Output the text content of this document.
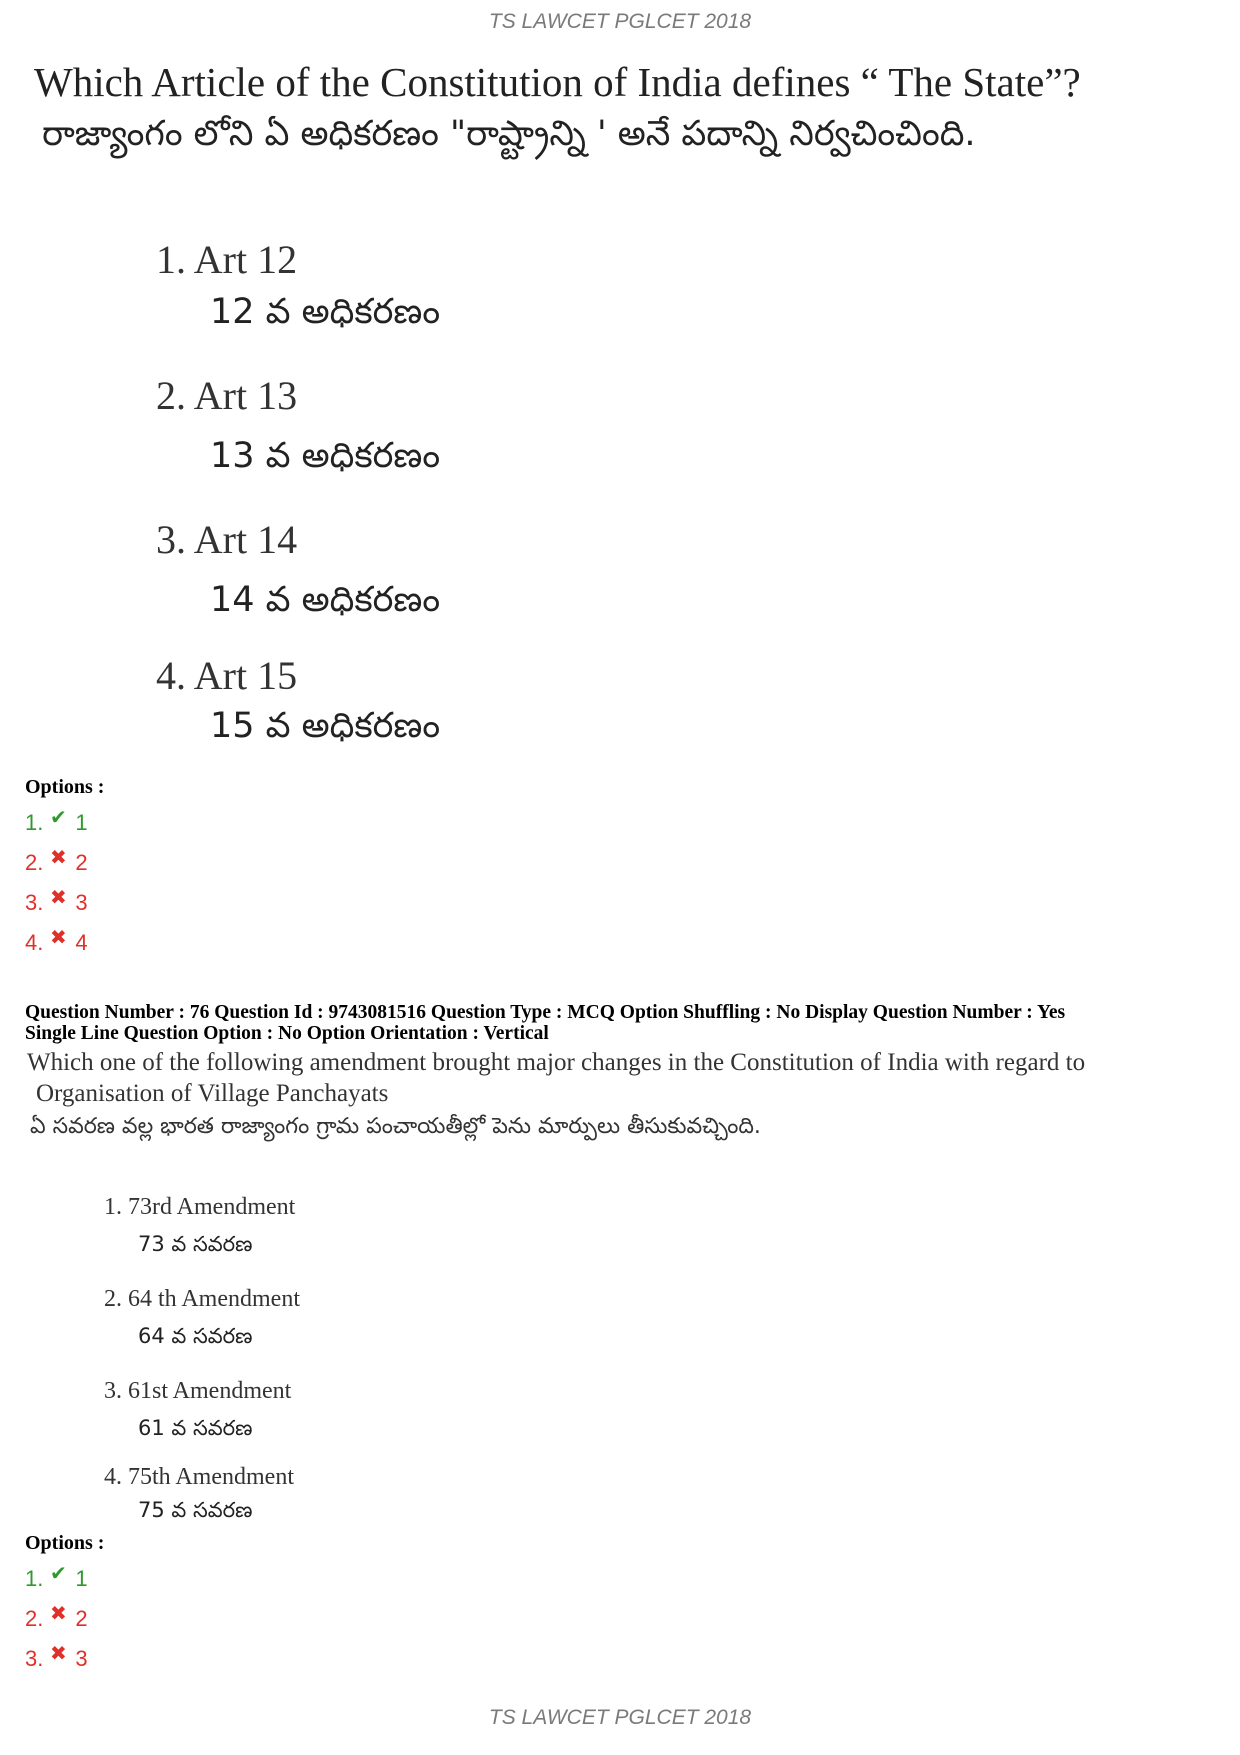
TS LAWCET PGLCET 2018
Which Article of the Constitution of India defines “ The State”?
రాజ్యాంగం లోని ఏ అధికరణం "రాష్ట్రాన్ని ' అనే పదాన్ని నిర్వచించింది.
1. Art 12
12 వ అధికరణం
2. Art 13
13 వ అధికరణం
3. Art 14
14 వ అధికరణం
4. Art 15
15 వ అధికరణం
Options :
1. ✔ 1
2. ✖ 2
3. ✖ 3
4. ✖ 4
Question Number : 76 Question Id : 9743081516 Question Type : MCQ Option Shuffling : No Display Question Number : Yes
Single Line Question Option : No Option Orientation : Vertical
Which one of the following amendment brought major changes in the Constitution of India with regard to
Organisation of Village Panchayats
ఏ సవరణ వల్ల భారత రాజ్యాంగం గ్రామ పంచాయతీల్లో పెను మార్పులు తీసుకువచ్చింది.
1. 73rd Amendment
73 వ సవరణ
2. 64 th Amendment
64 వ సవరణ
3. 61st Amendment
61 వ సవరణ
4. 75th Amendment
75 వ సవరణ
Options :
1. ✔ 1
2. ✖ 2
3. ✖ 3
TS LAWCET PGLCET 2018
